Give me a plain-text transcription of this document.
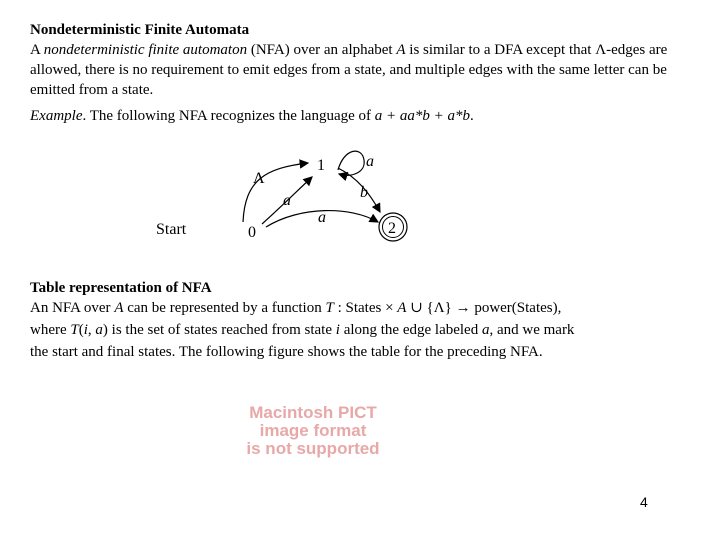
Nondeterministic Finite Automata
A nondeterministic finite automaton (NFA) over an alphabet A is similar to a DFA except that Λ-edges are allowed, there is no requirement to emit edges from a state, and multiple edges with the same letter can be emitted from a state.
Example. The following NFA recognizes the language of a + aa*b + a*b.
Start	0
1
2
Λ
a
a
b
a
Table representation of NFA
An NFA over A can be represented by a function T : States × A ∪ {Λ} → power(States),
where T(i, a) is the set of states reached from state i along the edge labeled a, and we mark
the start and final states. The following figure shows the table for the preceding NFA.
Macintosh PICT
image format
is not supported
4
